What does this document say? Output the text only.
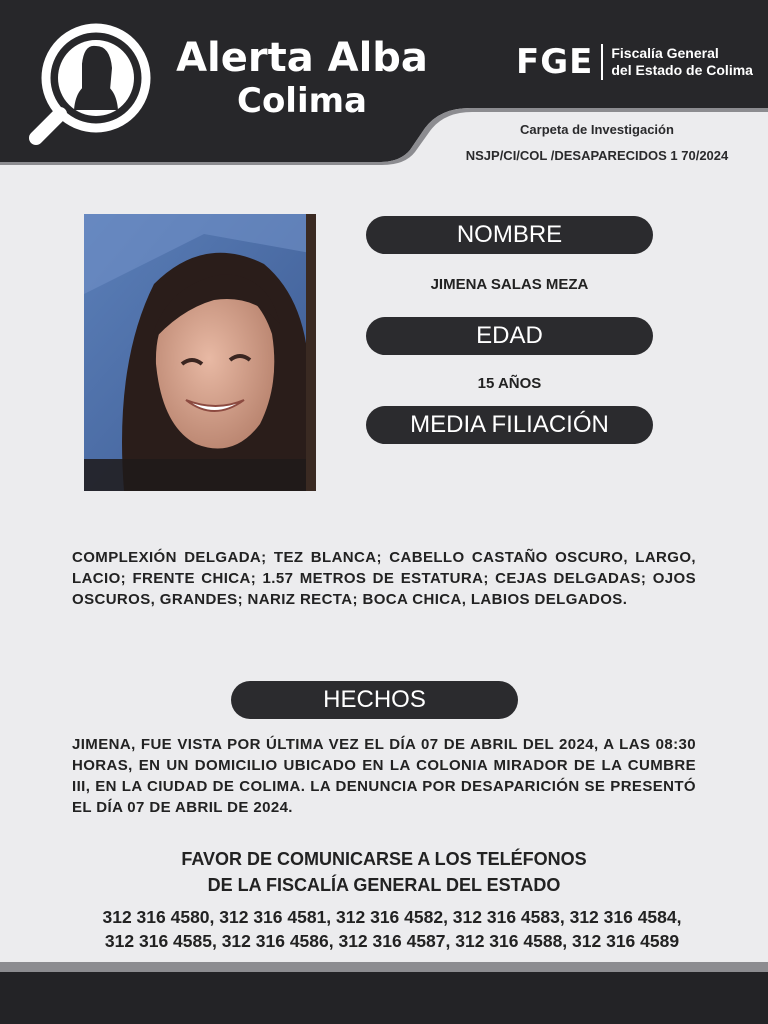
Alerta Alba
Colima
FGE Fiscalía General
del Estado de Colima
Carpeta de Investigación
NSJP/CI/COL /DESAPARECIDOS 1 70/2024
NOMBRE
JIMENA SALAS MEZA
EDAD
15 AÑOS
MEDIA FILIACIÓN
COMPLEXIÓN DELGADA; TEZ BLANCA; CABELLO CASTAÑO OSCURO, LARGO, LACIO; FRENTE CHICA; 1.57 METROS DE ESTATURA; CEJAS DELGADAS; OJOS OSCUROS, GRANDES; NARIZ RECTA; BOCA CHICA, LABIOS DELGADOS.
HECHOS
JIMENA, FUE VISTA POR ÚLTIMA VEZ EL DÍA 07 DE ABRIL DEL 2024, A LAS 08:30 HORAS, EN UN DOMICILIO UBICADO EN LA COLONIA MIRADOR DE LA CUMBRE III, EN LA CIUDAD DE COLIMA. LA DENUNCIA POR DESAPARICIÓN SE PRESENTÓ EL DÍA 07 DE ABRIL DE 2024.
FAVOR DE COMUNICARSE A LOS TELÉFONOS
DE LA FISCALÍA GENERAL DEL ESTADO
312 316 4580, 312 316 4581, 312 316 4582, 312 316 4583, 312 316 4584,
312 316 4585, 312 316 4586, 312 316 4587, 312 316 4588, 312 316 4589
